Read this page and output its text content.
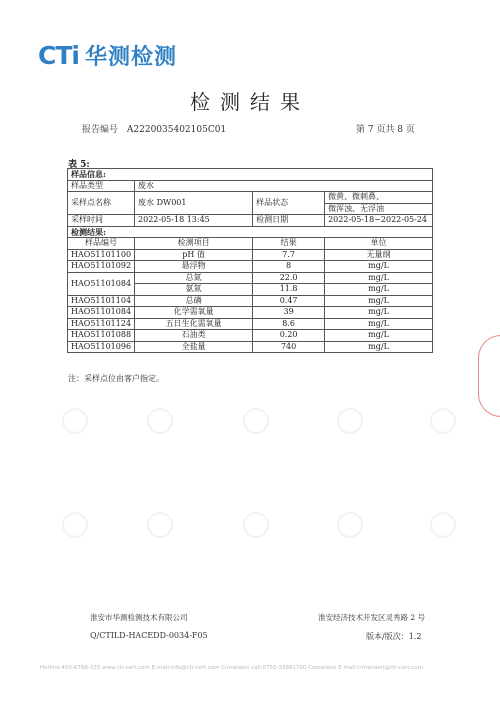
CTi 华测检测
检测结果
报告编号 A2220035402105C01	第 7 页共 8 页
表 5:
样品信息:			
样品类型	废水		
采样点名称	废水 DW001	样品状态	微黄、微刺鼻、
			微浑浊、无浮油
采样时间	2022-05-18 13:45	检测日期	2022-05-18~2022-05-24
检测结果:			
样品编号	检测项目	结果	单位
HAO51101100	pH 值	7.7	无量纲
HAO51101092	悬浮物	8	mg/L
HAO51101084	总氮	22.0	mg/L
	氨氮	11.8	mg/L
HAO51101104	总磷	0.47	mg/L
HAO51101084	化学需氧量	39	mg/L
HAO51101124	五日生化需氧量	8.6	mg/L
HAO51101088	石油类	0.20	mg/L
HAO51101096	全盐量	740	mg/L
注：采样点位由客户指定。
淮安市华测检测技术有限公司	淮安经济技术开发区灵秀路 2 号
Q/CTILD-HACEDD-0034-F05	版本/版次：1.2
Hotline:400-6788-333 www.cti-cert.com E-mail:info@cti-cert.com Complaint call:0755-33681700 Complaint E-mail:complaint@cti-cert.com
